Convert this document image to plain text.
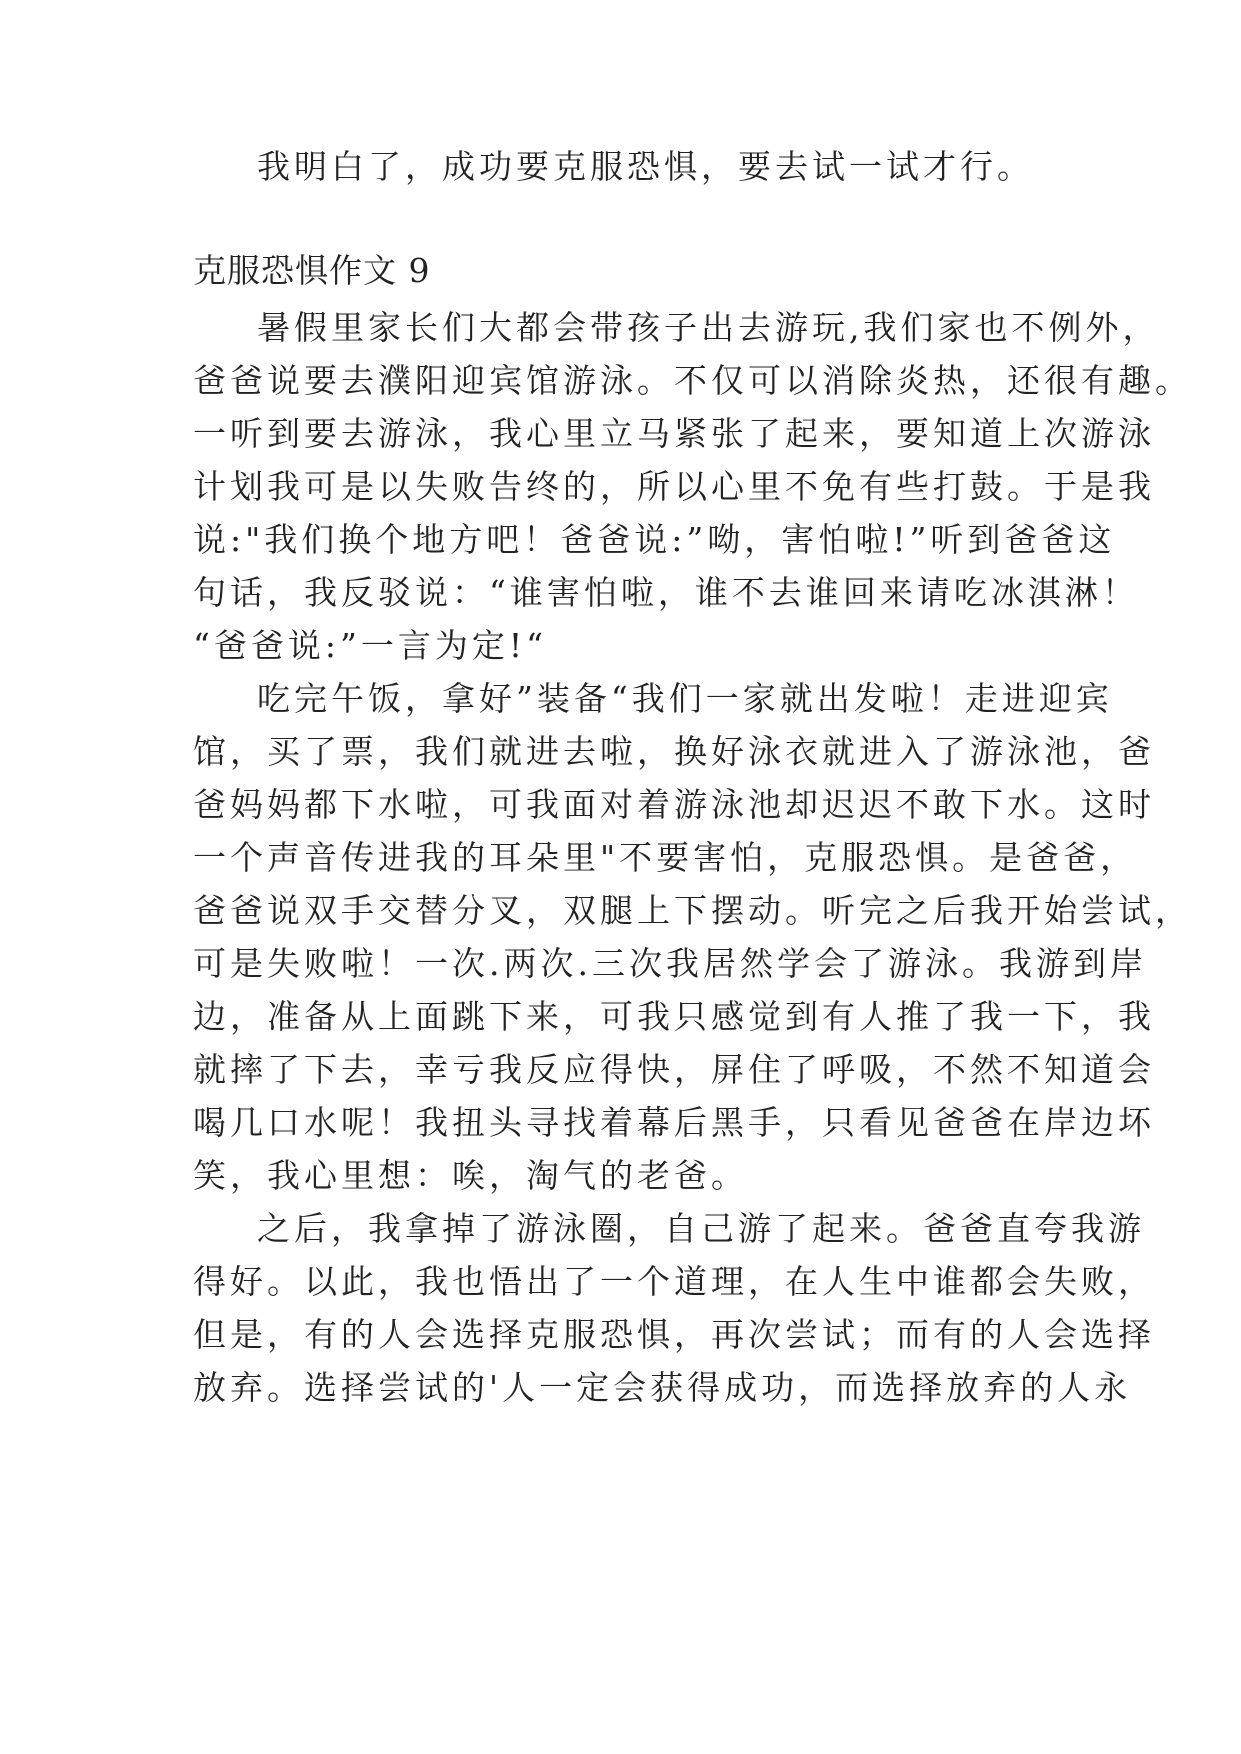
我明白了，成功要克服恐惧，要去试一试才行。
克服恐惧作文 9
暑假里家长们大都会带孩子出去游玩,我们家也不例外，
爸爸说要去濮阳迎宾馆游泳。不仅可以消除炎热，还很有趣。
一听到要去游泳，我心里立马紧张了起来，要知道上次游泳
计划我可是以失败告终的，所以心里不免有些打鼓。于是我
说:"我们换个地方吧！爸爸说:”呦，害怕啦!”听到爸爸这
句话，我反驳说：“谁害怕啦，谁不去谁回来请吃冰淇淋！
“爸爸说:”一言为定!“
吃完午饭，拿好”装备“我们一家就出发啦！走进迎宾
馆，买了票，我们就进去啦，换好泳衣就进入了游泳池，爸
爸妈妈都下水啦，可我面对着游泳池却迟迟不敢下水。这时
一个声音传进我的耳朵里"不要害怕，克服恐惧。是爸爸，
爸爸说双手交替分叉，双腿上下摆动。听完之后我开始尝试，
可是失败啦！一次.两次.三次我居然学会了游泳。我游到岸
边，准备从上面跳下来，可我只感觉到有人推了我一下，我
就摔了下去，幸亏我反应得快，屏住了呼吸，不然不知道会
喝几口水呢！我扭头寻找着幕后黑手，只看见爸爸在岸边坏
笑，我心里想：唉，淘气的老爸。
之后，我拿掉了游泳圈，自己游了起来。爸爸直夸我游
得好。以此，我也悟出了一个道理，在人生中谁都会失败，
但是，有的人会选择克服恐惧，再次尝试；而有的人会选择
放弃。选择尝试的'人一定会获得成功，而选择放弃的人永
